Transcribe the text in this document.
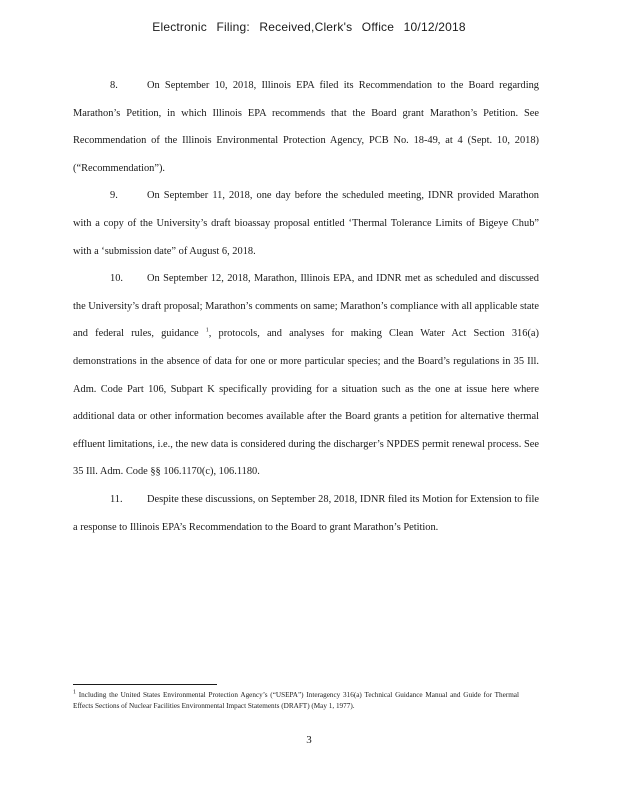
Electronic Filing: Received,Clerk's Office 10/12/2018

8.	On September 10, 2018, Illinois EPA filed its Recommendation to the Board regarding Marathon’s Petition, in which Illinois EPA recommends that the Board grant Marathon’s Petition. See Recommendation of the Illinois Environmental Protection Agency, PCB No. 18-49, at 4 (Sept. 10, 2018) (“Recommendation”).

9.	On September 11, 2018, one day before the scheduled meeting, IDNR provided Marathon with a copy of the University’s draft bioassay proposal entitled ‘Thermal Tolerance Limits of Bigeye Chub” with a ‘submission date” of August 6, 2018.

10. On September 12, 2018, Marathon, Illinois EPA, and IDNR met as scheduled and discussed the University’s draft proposal; Marathon’s comments on same; Marathon’s compliance with all applicable state and federal rules, guidance $^1$, protocols, and analyses for making Clean Water Act Section 316(a) demonstrations in the absence of data for one or more particular species; and the Board’s regulations in 35 Ill. Adm. Code Part 106, Subpart K specifically providing for a situation such as the one at issue here where additional data or other information becomes available after the Board grants a petition for alternative thermal effluent limitations, i.e., the new data is considered during the discharger’s NPDES permit renewal process. See 35 Ill. Adm. Code §§ 106.1170(c), 106.1180.

11. Despite these discussions, on September 28, 2018, IDNR filed its Motion for Extension to file a response to Illinois EPA’s Recommendation to the Board to grant Marathon’s Petition.

$^1$ Including the United States Environmental Protection Agency’s (“USEPA”) Interagency 316(a) Technical Guidance Manual and Guide for Thermal Effects Sections of Nuclear Facilities Environmental Impact Statements (DRAFT) (May 1, 1977).
3
